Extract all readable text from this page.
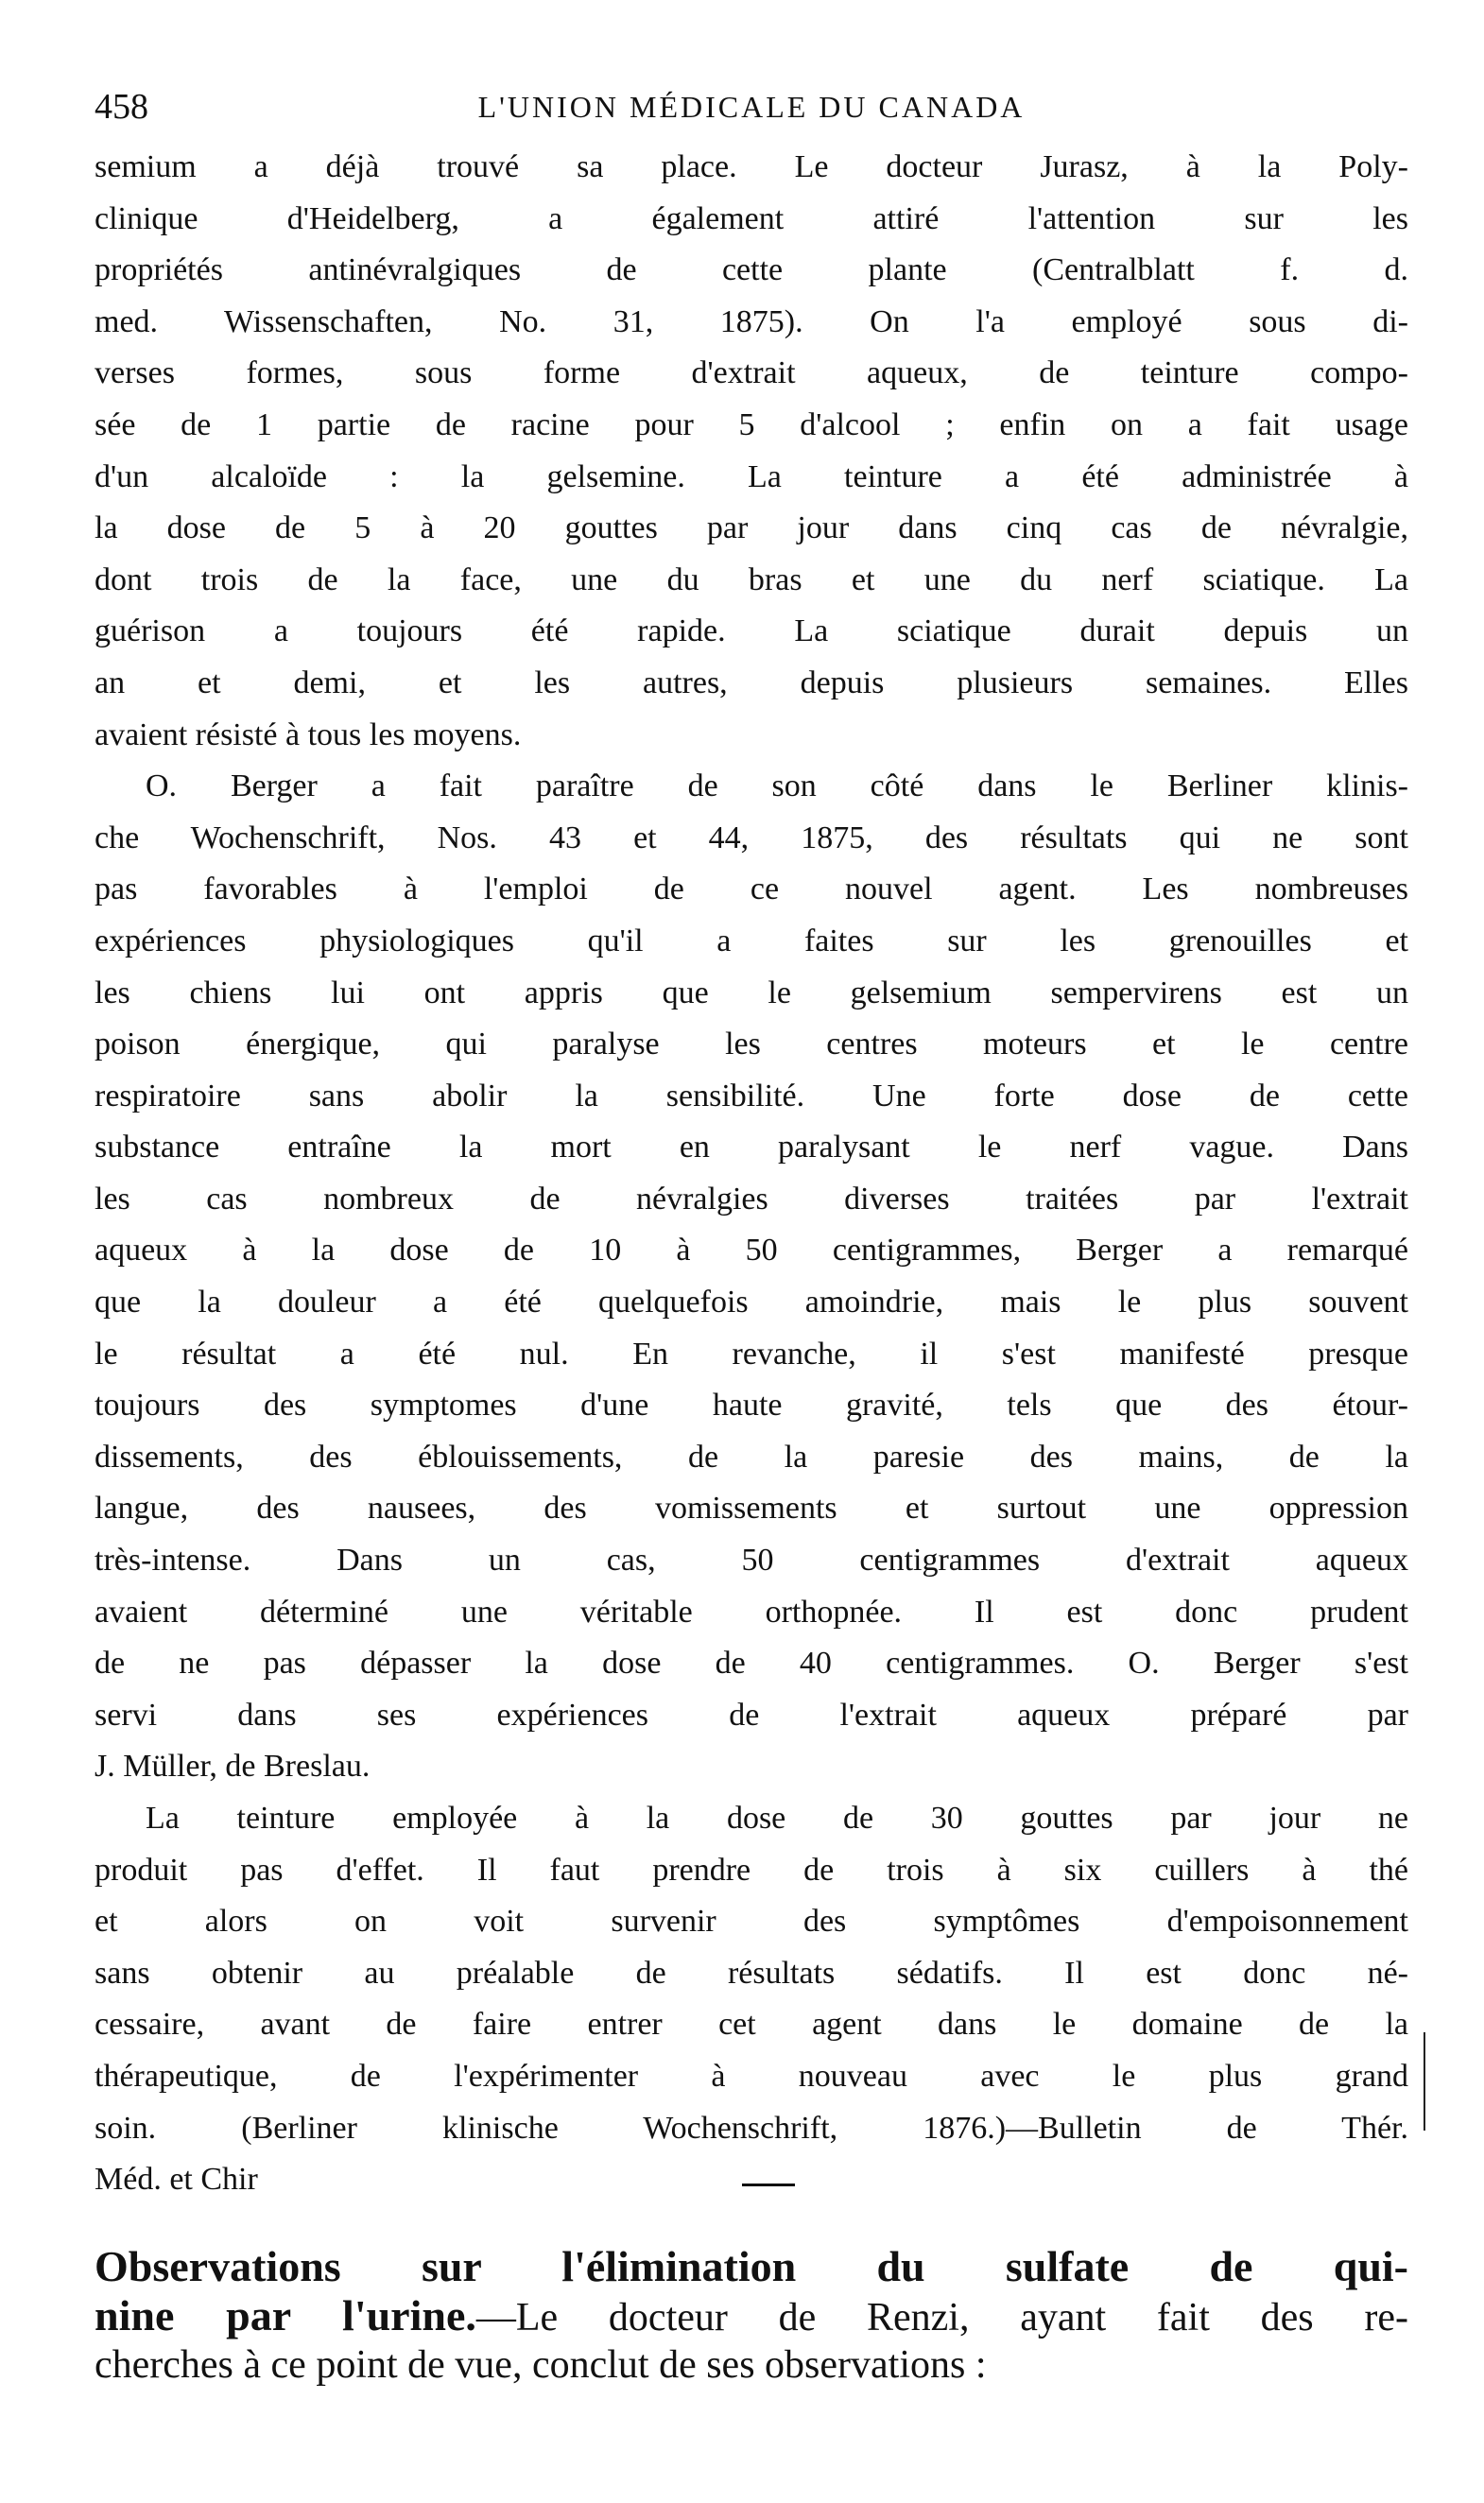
458	L'UNION MÉDICALE DU CANADA
semium a déjà trouvé sa place. Le docteur Jurasz, à la Poly-
clinique d'Heidelberg, a également attiré l'attention sur les
propriétés antinévralgiques de cette plante (Centralblatt f. d.
med. Wissenschaften, No. 31, 1875). On l'a employé sous di-
verses formes, sous forme d'extrait aqueux, de teinture compo-
sée de 1 partie de racine pour 5 d'alcool ; enfin on a fait usage
d'un alcaloïde : la gelsemine. La teinture a été administrée à
la dose de 5 à 20 gouttes par jour dans cinq cas de névralgie,
dont trois de la face, une du bras et une du nerf sciatique. La
guérison a toujours été rapide. La sciatique durait depuis un
an et demi, et les autres, depuis plusieurs semaines. Elles
avaient résisté à tous les moyens.
O. Berger a fait paraître de son côté dans le Berliner klinis-
che Wochenschrift, Nos. 43 et 44, 1875, des résultats qui ne sont
pas favorables à l'emploi de ce nouvel agent. Les nombreuses
expériences physiologiques qu'il a faites sur les grenouilles et
les chiens lui ont appris que le gelsemium sempervirens est un
poison énergique, qui paralyse les centres moteurs et le centre
respiratoire sans abolir la sensibilité. Une forte dose de cette
substance entraîne la mort en paralysant le nerf vague. Dans
les cas nombreux de névralgies diverses traitées par l'extrait
aqueux à la dose de 10 à 50 centigrammes, Berger a remarqué
que la douleur a été quelquefois amoindrie, mais le plus souvent
le résultat a été nul. En revanche, il s'est manifesté presque
toujours des symptomes d'une haute gravité, tels que des étour-
dissements, des éblouissements, de la paresie des mains, de la
langue, des nausees, des vomissements et surtout une oppression
très-intense. Dans un cas, 50 centigrammes d'extrait aqueux
avaient déterminé une véritable orthopnée. Il est donc prudent
de ne pas dépasser la dose de 40 centigrammes. O. Berger s'est
servi dans ses expériences de l'extrait aqueux préparé par
J. Müller, de Breslau.
La teinture employée à la dose de 30 gouttes par jour ne
produit pas d'effet. Il faut prendre de trois à six cuillers à thé
et alors on voit survenir des symptômes d'empoisonnement
sans obtenir au préalable de résultats sédatifs. Il est donc né-
cessaire, avant de faire entrer cet agent dans le domaine de la
thérapeutique, de l'expérimenter à nouveau avec le plus grand
soin. (Berliner klinische Wochenschrift, 1876.)—Bulletin de Thér.
Méd. et Chir
Observations sur l'élimination du sulfate de qui-
nine par l'urine.—Le docteur de Renzi, ayant fait des re-
cherches à ce point de vue, conclut de ses observations :
